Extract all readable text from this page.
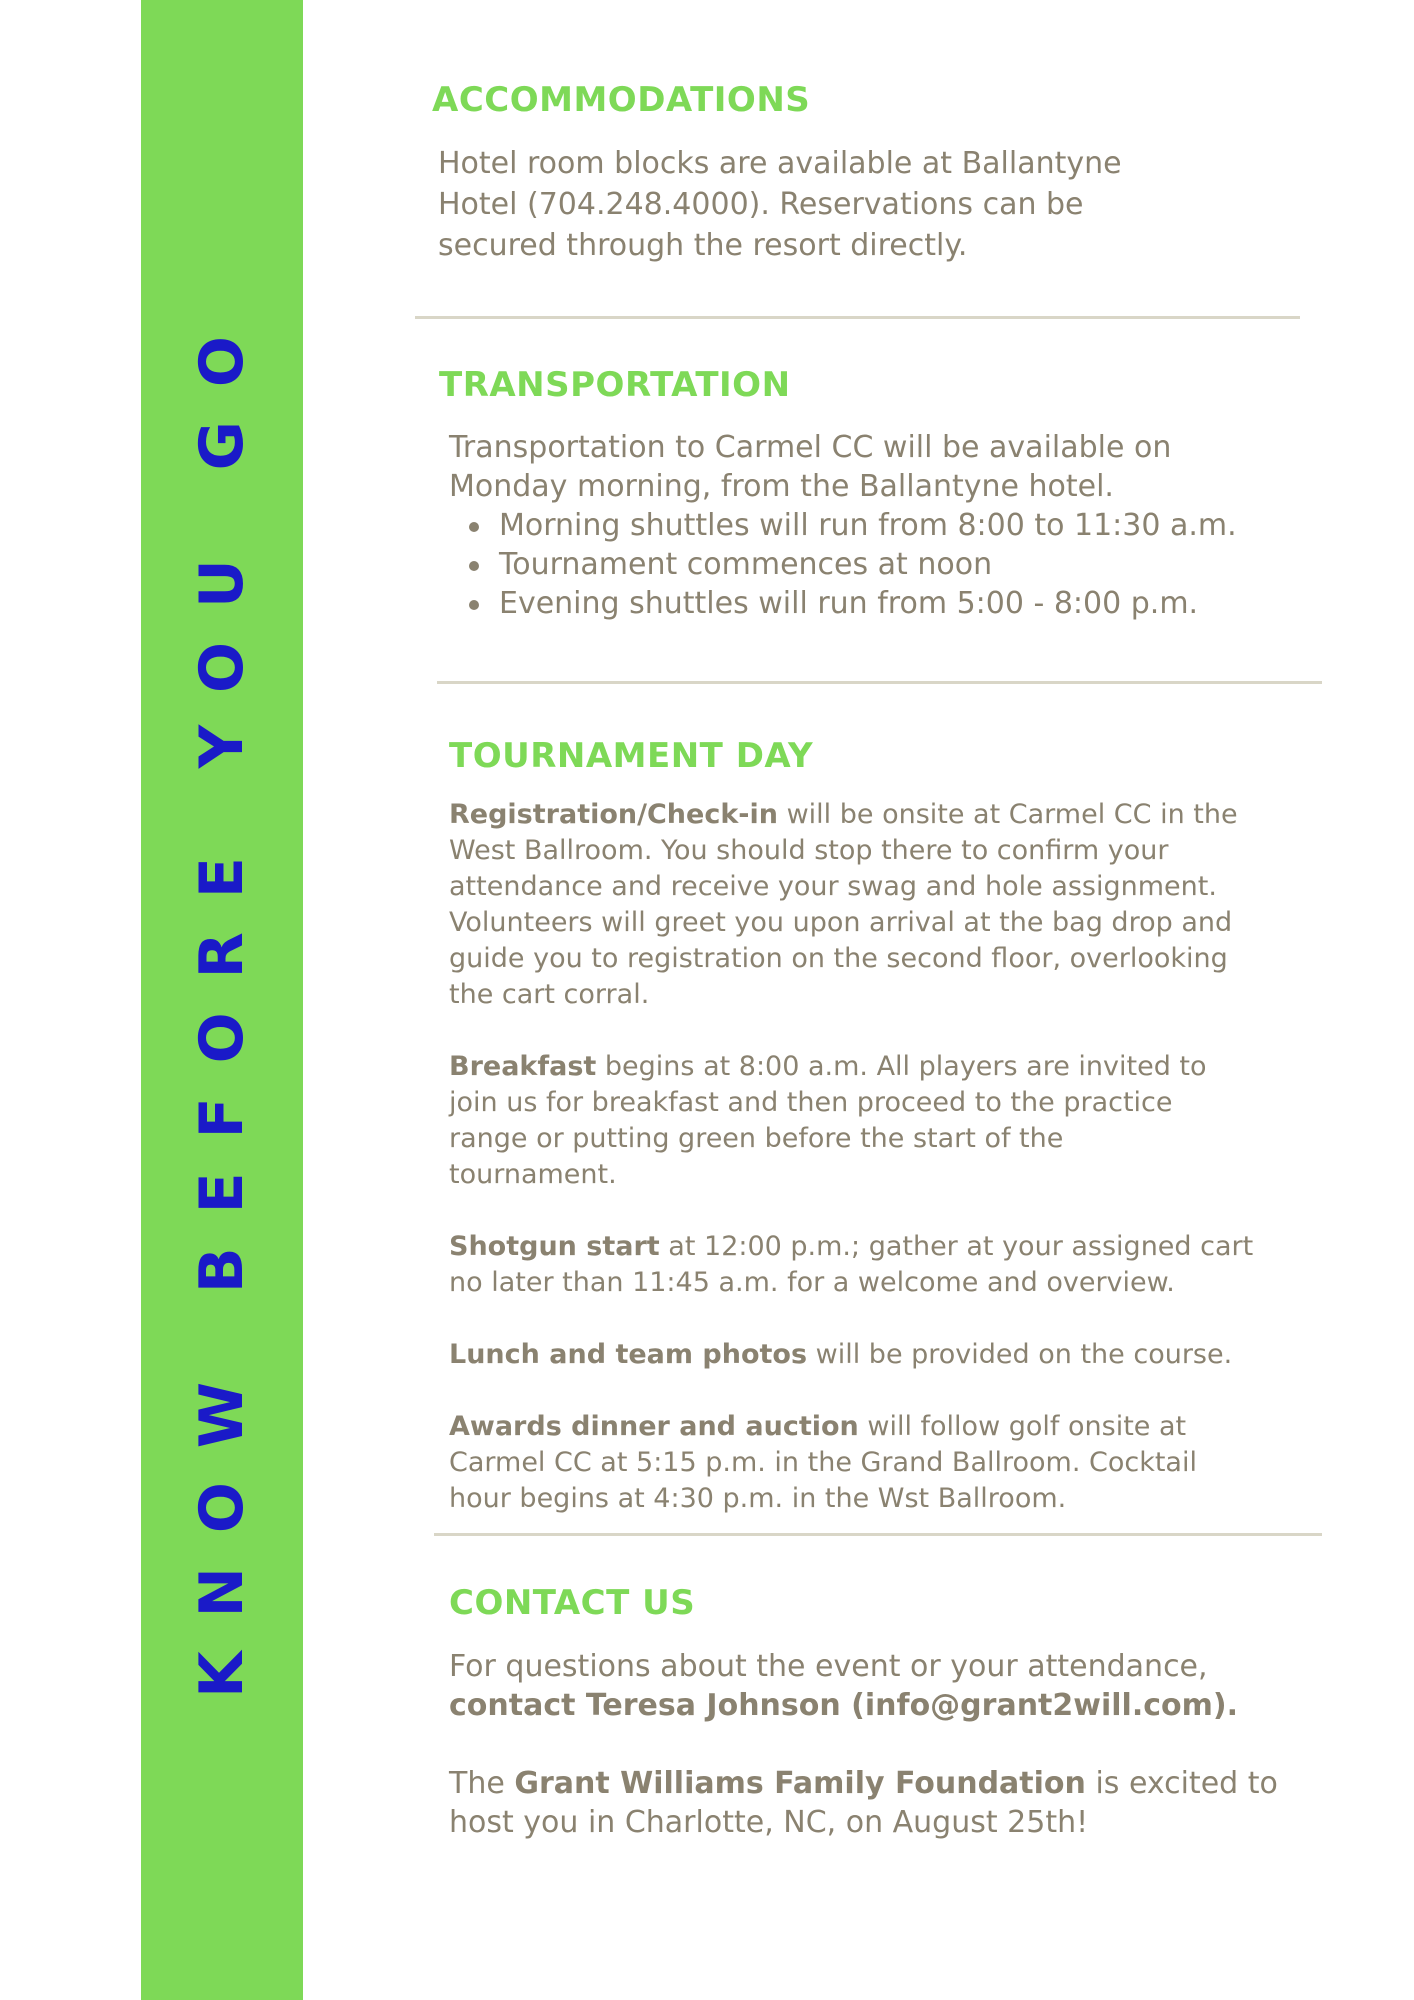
KNOW BEFORE YOU GO
ACCOMMODATIONS

Hotel room blocks are available at Ballantyne

Hotel (704.248.4000). Reservations can be

secured through the resort directly.

TRANSPORTATION

Transportation to Carmel CC will be available on

Monday morning, from the Ballantyne hotel.

Morning shuttles will run from 8:00 to 11:30 a.m.
Tournament commences at noon
Evening shuttles will run from 5:00 - 8:00 p.m.
TOURNAMENT DAY

Registration/Check-in will be onsite at Carmel CC in the

West Ballroom. You should stop there to confirm your

attendance and receive your swag and hole assignment.

Volunteers will greet you upon arrival at the bag drop and

guide you to registration on the second floor, overlooking

the cart corral.

Breakfast begins at 8:00 a.m. All players are invited to

join us for breakfast and then proceed to the practice

range or putting green before the start of the

tournament.

Shotgun start at 12:00 p.m.; gather at your assigned cart

no later than 11:45 a.m. for a welcome and overview.

Lunch and team photos will be provided on the course.

Awards dinner and auction will follow golf onsite at

Carmel CC at 5:15 p.m. in the Grand Ballroom. Cocktail

hour begins at 4:30 p.m. in the Wst Ballroom.

CONTACT US

For questions about the event or your attendance,

contact Teresa Johnson (info@grant2will.com).

The Grant Williams Family Foundation is excited to

host you in Charlotte, NC, on August 25th!
